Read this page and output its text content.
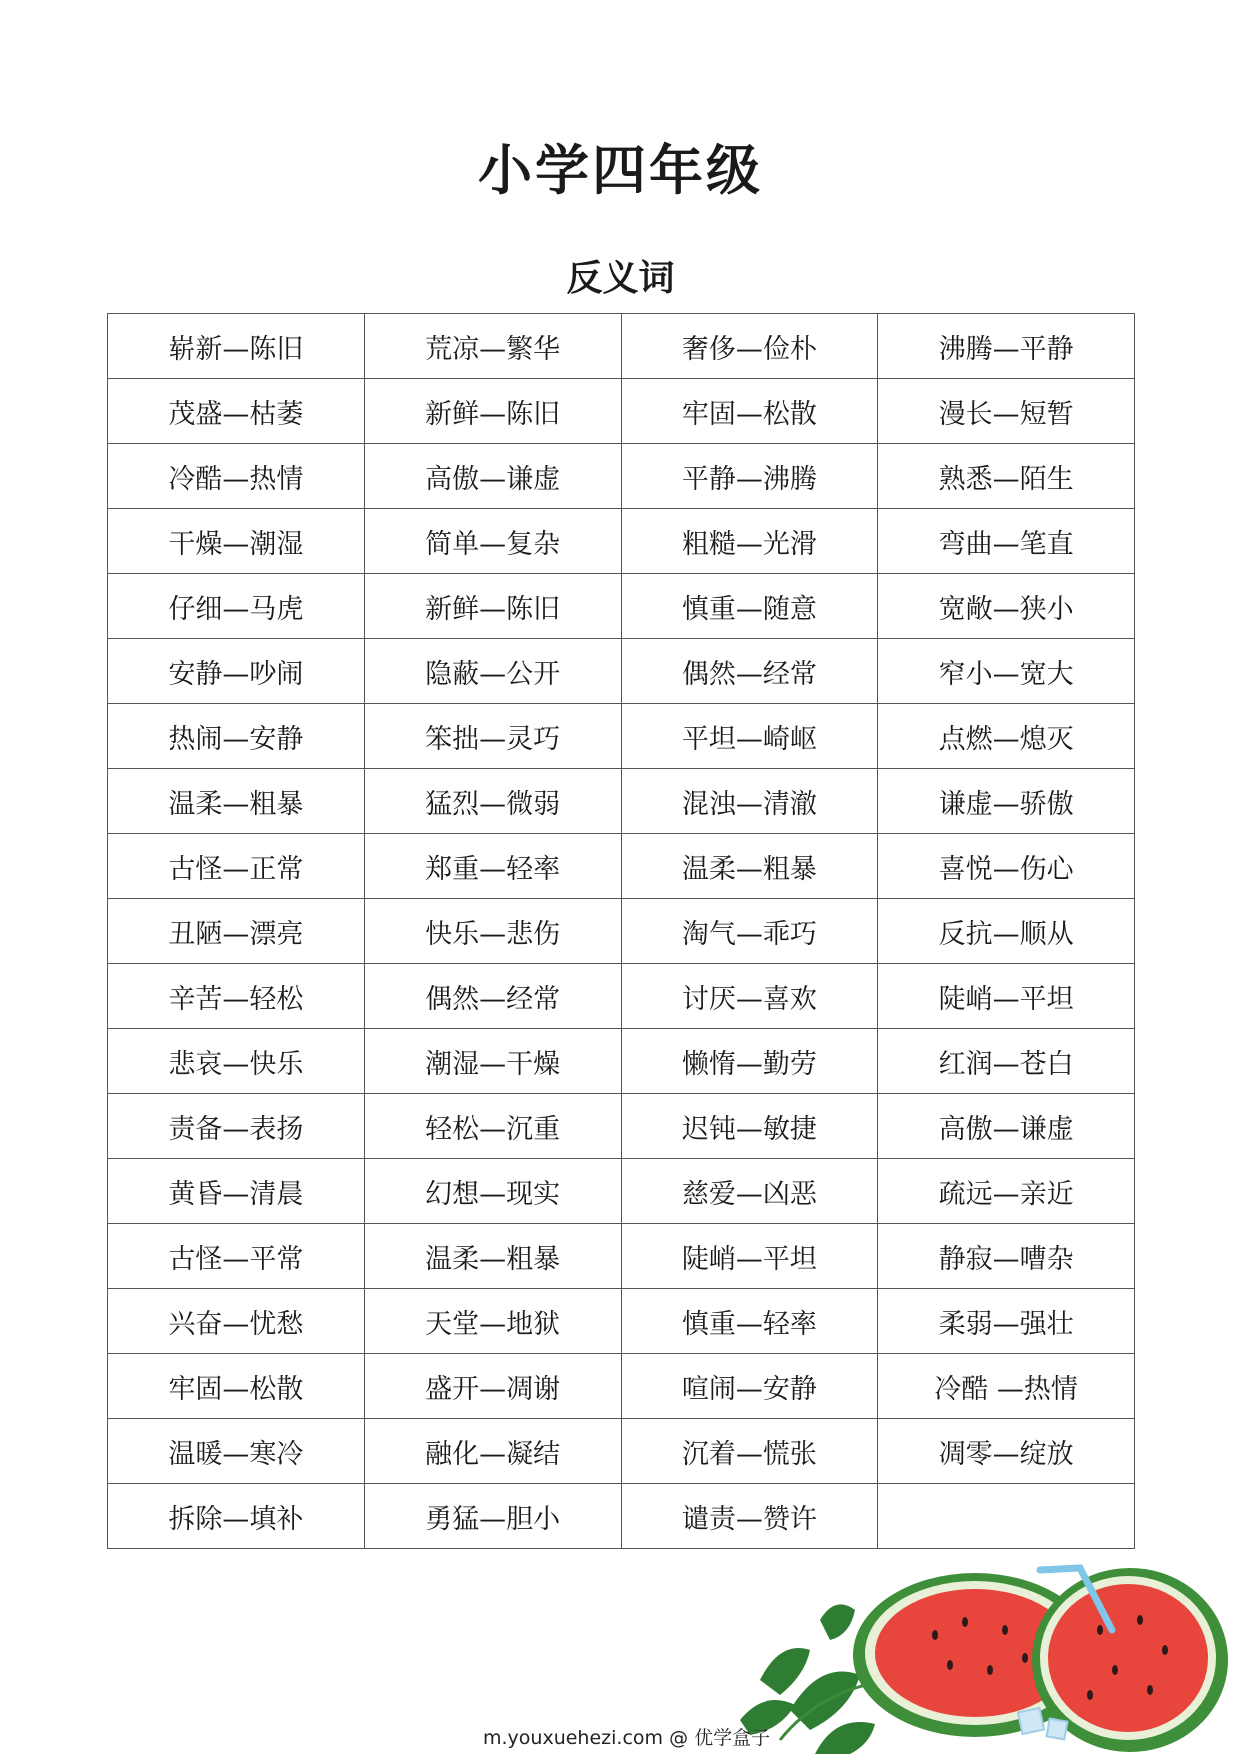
小学四年级
反义词
崭新—陈旧	荒凉—繁华	奢侈—俭朴	沸腾—平静
茂盛—枯萎	新鲜—陈旧	牢固—松散	漫长—短暂
冷酷—热情	高傲—谦虚	平静—沸腾	熟悉—陌生
干燥—潮湿	简单—复杂	粗糙—光滑	弯曲—笔直
仔细—马虎	新鲜—陈旧	慎重—随意	宽敞—狭小
安静—吵闹	隐蔽—公开	偶然—经常	窄小—宽大
热闹—安静	笨拙—灵巧	平坦—崎岖	点燃—熄灭
温柔—粗暴	猛烈—微弱	混浊—清澈	谦虚—骄傲
古怪—正常	郑重—轻率	温柔—粗暴	喜悦—伤心
丑陋—漂亮	快乐—悲伤	淘气—乖巧	反抗—顺从
辛苦—轻松	偶然—经常	讨厌—喜欢	陡峭—平坦
悲哀—快乐	潮湿—干燥	懒惰—勤劳	红润—苍白
责备—表扬	轻松—沉重	迟钝—敏捷	高傲—谦虚
黄昏—清晨	幻想—现实	慈爱—凶恶	疏远—亲近
古怪—平常	温柔—粗暴	陡峭—平坦	静寂—嘈杂
兴奋—忧愁	天堂—地狱	慎重—轻率	柔弱—强壮
牢固—松散	盛开—凋谢	喧闹—安静	冷酷 —热情
温暖—寒冷	融化—凝结	沉着—慌张	凋零—绽放
拆除—填补	勇猛—胆小	谴责—赞许	
m.youxuehezi.com @ 优学盒子
